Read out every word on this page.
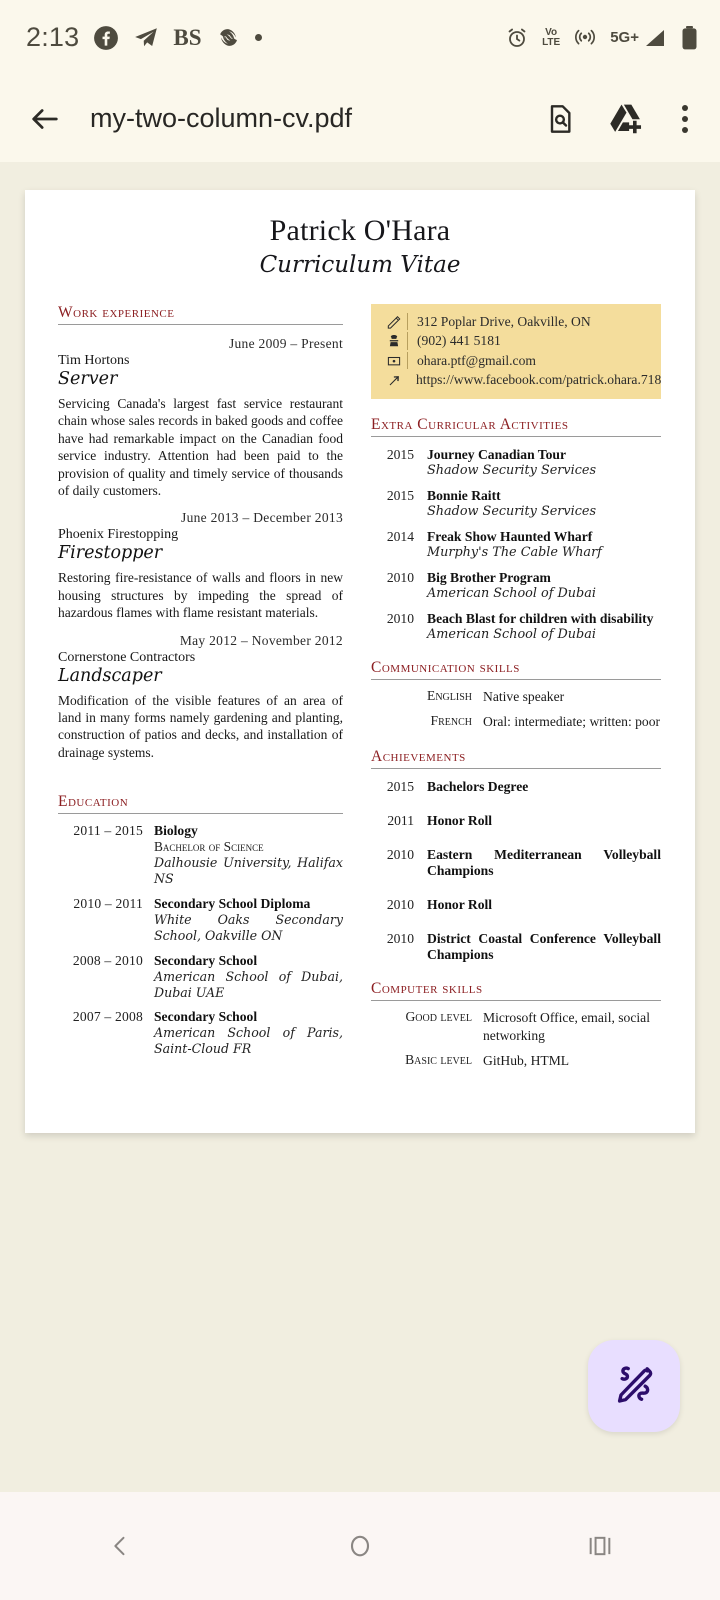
2:13	BS	Vo
LTE	5G+
my-two-column-cv.pdf
Patrick O'Hara
Curriculum Vitae
Work experience
June 2009 – Present
Tim Hortons
Server
Servicing Canada's largest fast service restaurant chain whose sales records in baked goods and coffee have had remarkable impact on the Canadian food service industry. Attention had been paid to the provision of quality and timely service of thousands of daily customers.
June 2013 – December 2013
Phoenix Firestopping
Firestopper
Restoring fire-resistance of walls and floors in new housing structures by impeding the spread of hazardous flames with flame resistant materials.
May 2012 – November 2012
Cornerstone Contractors
Landscaper
Modification of the visible features of an area of land in many forms namely gardening and planting, construction of patios and decks, and installation of drainage systems.
Education
2011 – 2015 Biology
Bachelor of Science
Dalhousie University, Halifax NS
2010 – 2011 Secondary School Diploma
White Oaks Secondary School, Oakville ON
2008 – 2010 Secondary School
American School of Dubai, Dubai UAE
2007 – 2008 Secondary School
American School of Paris, Saint-Cloud FR
312 Poplar Drive, Oakville, ON
(902) 441 5181
ohara.ptf@gmail.com
https://www.facebook.com/patrick.ohara.718
Extra Curricular Activities
2015 Journey Canadian Tour
Shadow Security Services
2015 Bonnie Raitt
Shadow Security Services
2014 Freak Show Haunted Wharf
Murphy's The Cable Wharf
2010 Big Brother Program
American School of Dubai
2010 Beach Blast for children with disability
American School of Dubai
Communication skills
English Native speaker
French Oral: intermediate; written: poor
Achievements
2015 Bachelors Degree
2011 Honor Roll
2010 Eastern Mediterranean Volleyball Champions
2010 Honor Roll
2010 District Coastal Conference Volleyball Champions
Computer skills
Good level Microsoft Office, email, social networking
Basic level GitHub, HTML
